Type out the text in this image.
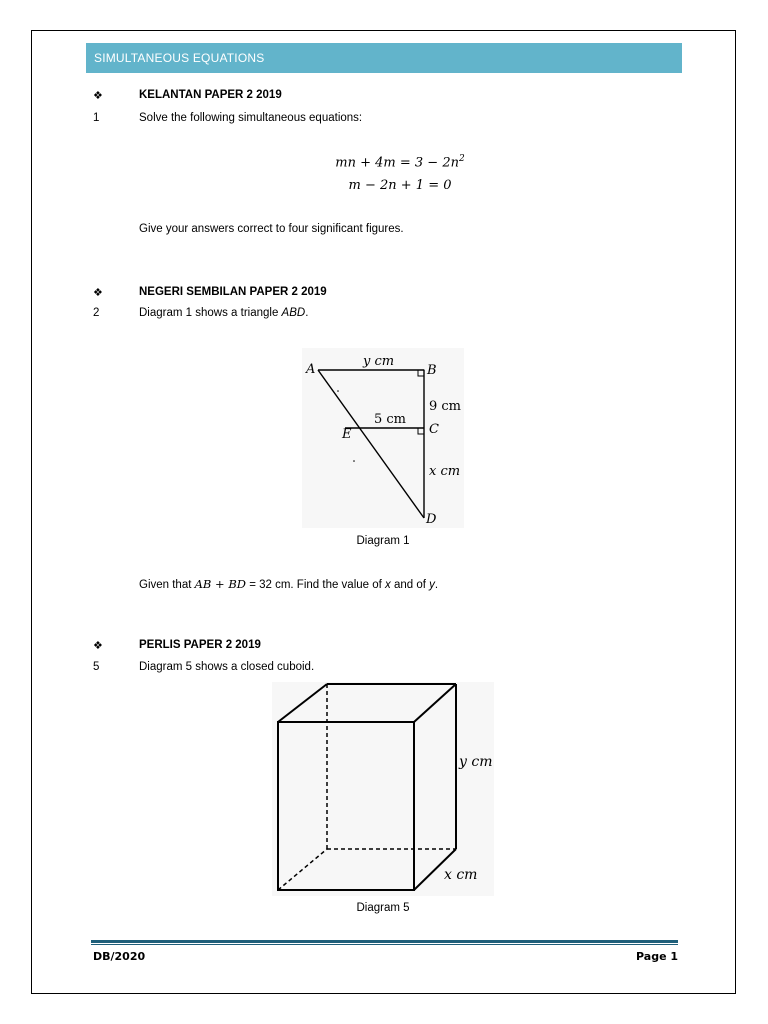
SIMULTANEOUS EQUATIONS
❖	KELANTAN PAPER 2 2019
1	Solve the following simultaneous equations:
mn + $4m = 3 - 2n^2$
m − 2n + 1 = 0
Give your answers correct to four significant figures.
❖	NEGERI SEMBILAN PAPER 2 2019
2	Diagram 1 shows a triangle ABD.
A	B
C
D
E
y cm
9 cm
5 cm
x cm
Diagram 1
Given that AB + BD = 32 cm. Find the value of x and of y.
❖	PERLIS PAPER 2 2019
5	Diagram 5 shows a closed cuboid.
y cm
x cm
Diagram 5
DB/2020	Page 1
